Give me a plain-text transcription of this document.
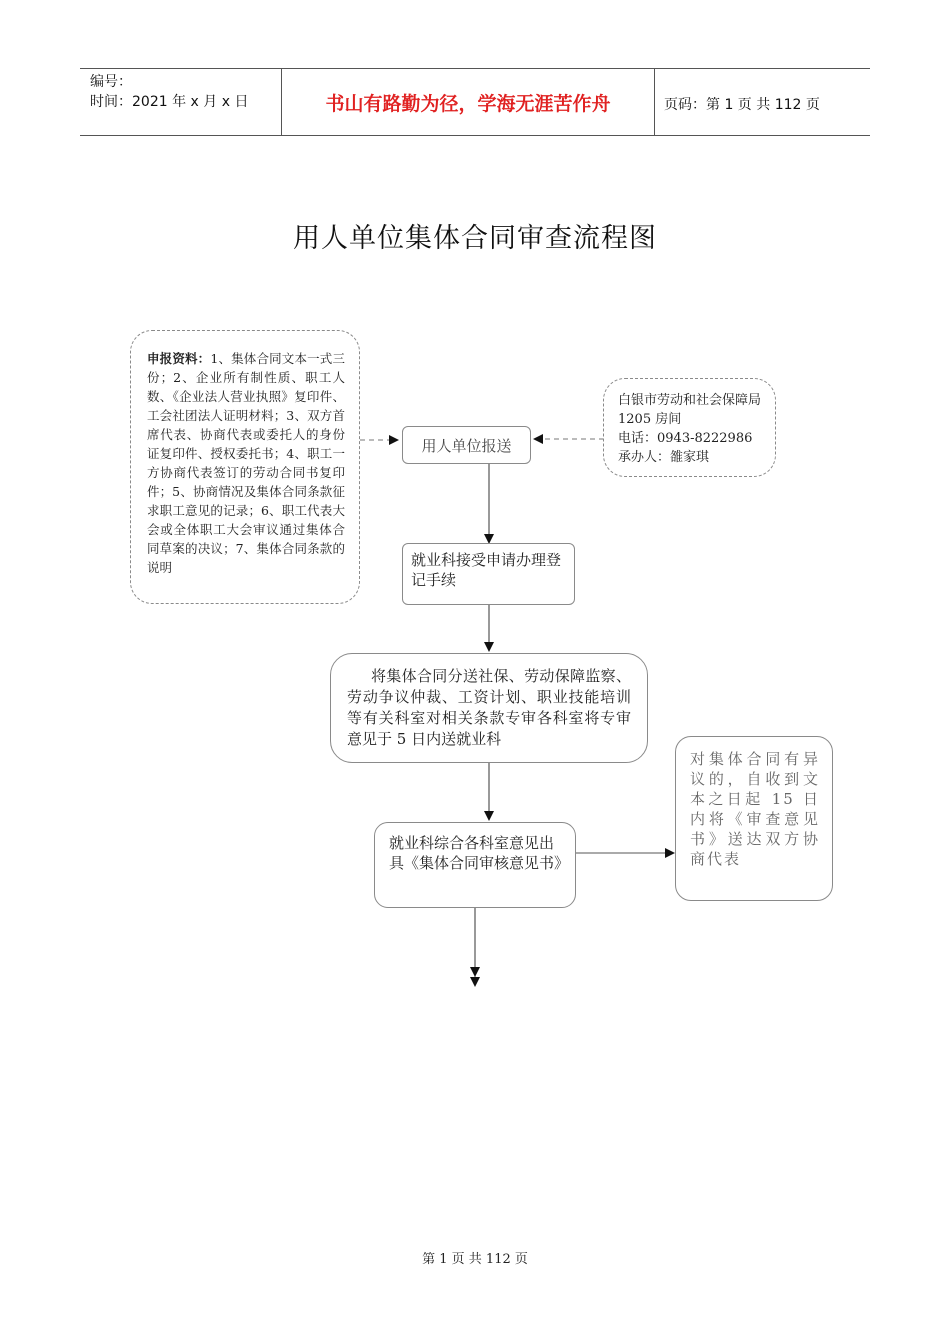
编号：
时间：2021 年 x 月 x 日	书山有路勤为径，学海无涯苦作舟	页码：第 1 页 共 112 页
用人单位集体合同审查流程图
申报资料：1、集体合同文本一式三份；2、企业所有制性质、职工人数、《企业法人营业执照》复印件、工会社团法人证明材料；3、双方首席代表、协商代表或委托人的身份证复印件、授权委托书；4、职工一方协商代表签订的劳动合同书复印件；5、协商情况及集体合同条款征求职工意见的记录；6、职工代表大会或全体职工大会审议通过集体合同草案的决议；7、集体合同条款的说明
白银市劳动和社会保障局 1205 房间
电话：0943-8222986
承办人：雒家琪
用人单位报送
就业科接受申请办理登记手续
将集体合同分送社保、劳动保障监察、劳动争议仲裁、工资计划、职业技能培训等有关科室对相关条款专审各科室将专审意见于 5 日内送就业科
就业科综合各科室意见出具《集体合同审核意见书》
对集体合同有异议的，自收到文本之日起 15 日内将《审查意见书》送达双方协商代表
第 1 页 共 112 页
